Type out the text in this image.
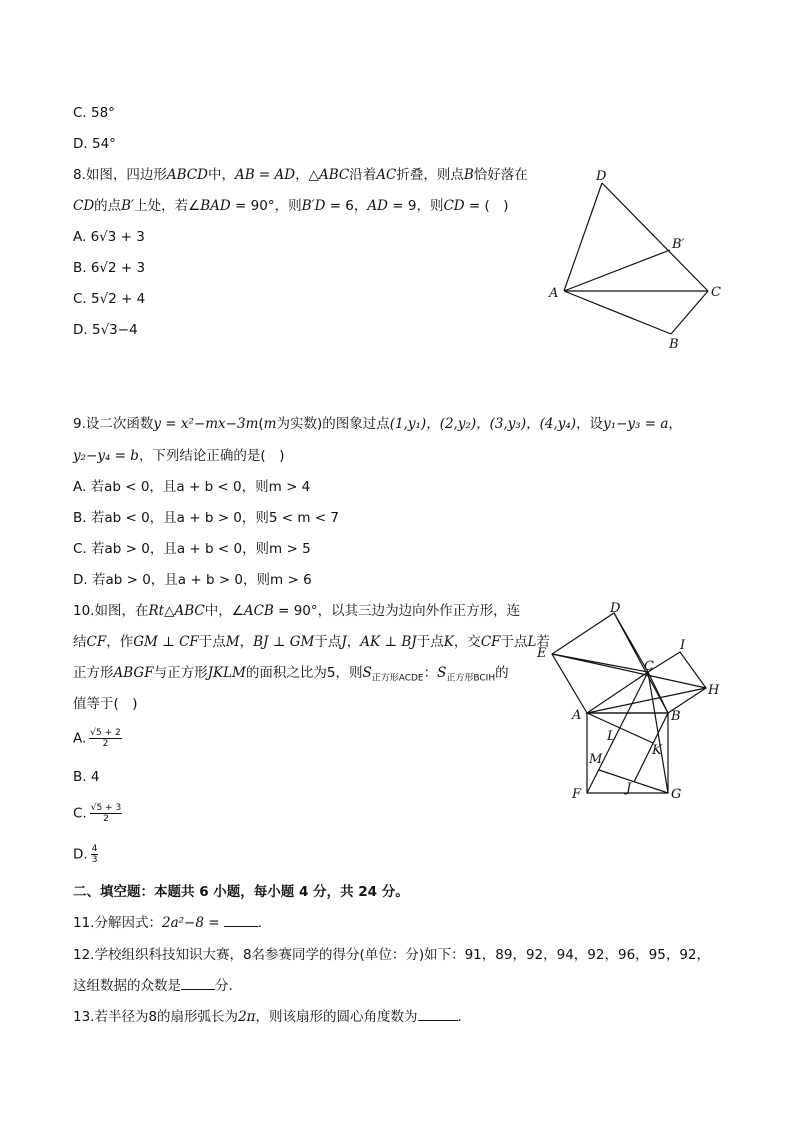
C. 58°
D. 54°
8.如图，四边形ABCD中，AB = AD，△ABC沿着AC折叠，则点B恰好落在
CD的点B′上处，若∠BAD = 90°，则B′D = 6，AD = 9，则CD = (　)
A. 6√3 + 3
B. 6√2 + 3
C. 5√2 + 4
D. 5√3−4
D
B′
A	C
B
9.设二次函数y = x²−mx−3m(m为实数)的图象过点(1,y₁)，(2,y₂)，(3,y₃)，(4,y₄)，设y₁−y₃ = a，
y₂−y₄ = b，下列结论正确的是(　)
A. 若ab < 0，且a + b < 0，则m > 4
B. 若ab < 0，且a + b > 0，则5 < m < 7
C. 若ab > 0，且a + b < 0，则m > 5
D. 若ab > 0，且a + b > 0，则m > 6
10.如图，在Rt△ABC中，∠ACB = 90°，以其三边为边向外作正方形，连
结CF，作GM ⊥ CF于点M，BJ ⊥ GM于点J，AK ⊥ BJ于点K，交CF于点L若
正方形ABGF与正方形JKLM的面积之比为5，则$S_{正方形ACDE}$：$S_{正方形BCIH}$的
值等于(　)
A. $\frac{√5 + 2}{2}$
B. 4
C. $\frac{√5 + 3}{2}$
D. $\frac{4}{3}$
D
I
E
C
H
A	B
L
K
M
F	J	G
二、填空题：本题共 6 小题，每小题 4 分，共 24 分。
11.分解因式：2a²−8 =	．
12.学校组织科技知识大赛，8名参赛同学的得分(单位：分)如下：91，89，92，94，92，96，95，92，
这组数据的众数是	分.
13.若半径为8的扇形弧长为2π，则该扇形的圆心角度数为	．
